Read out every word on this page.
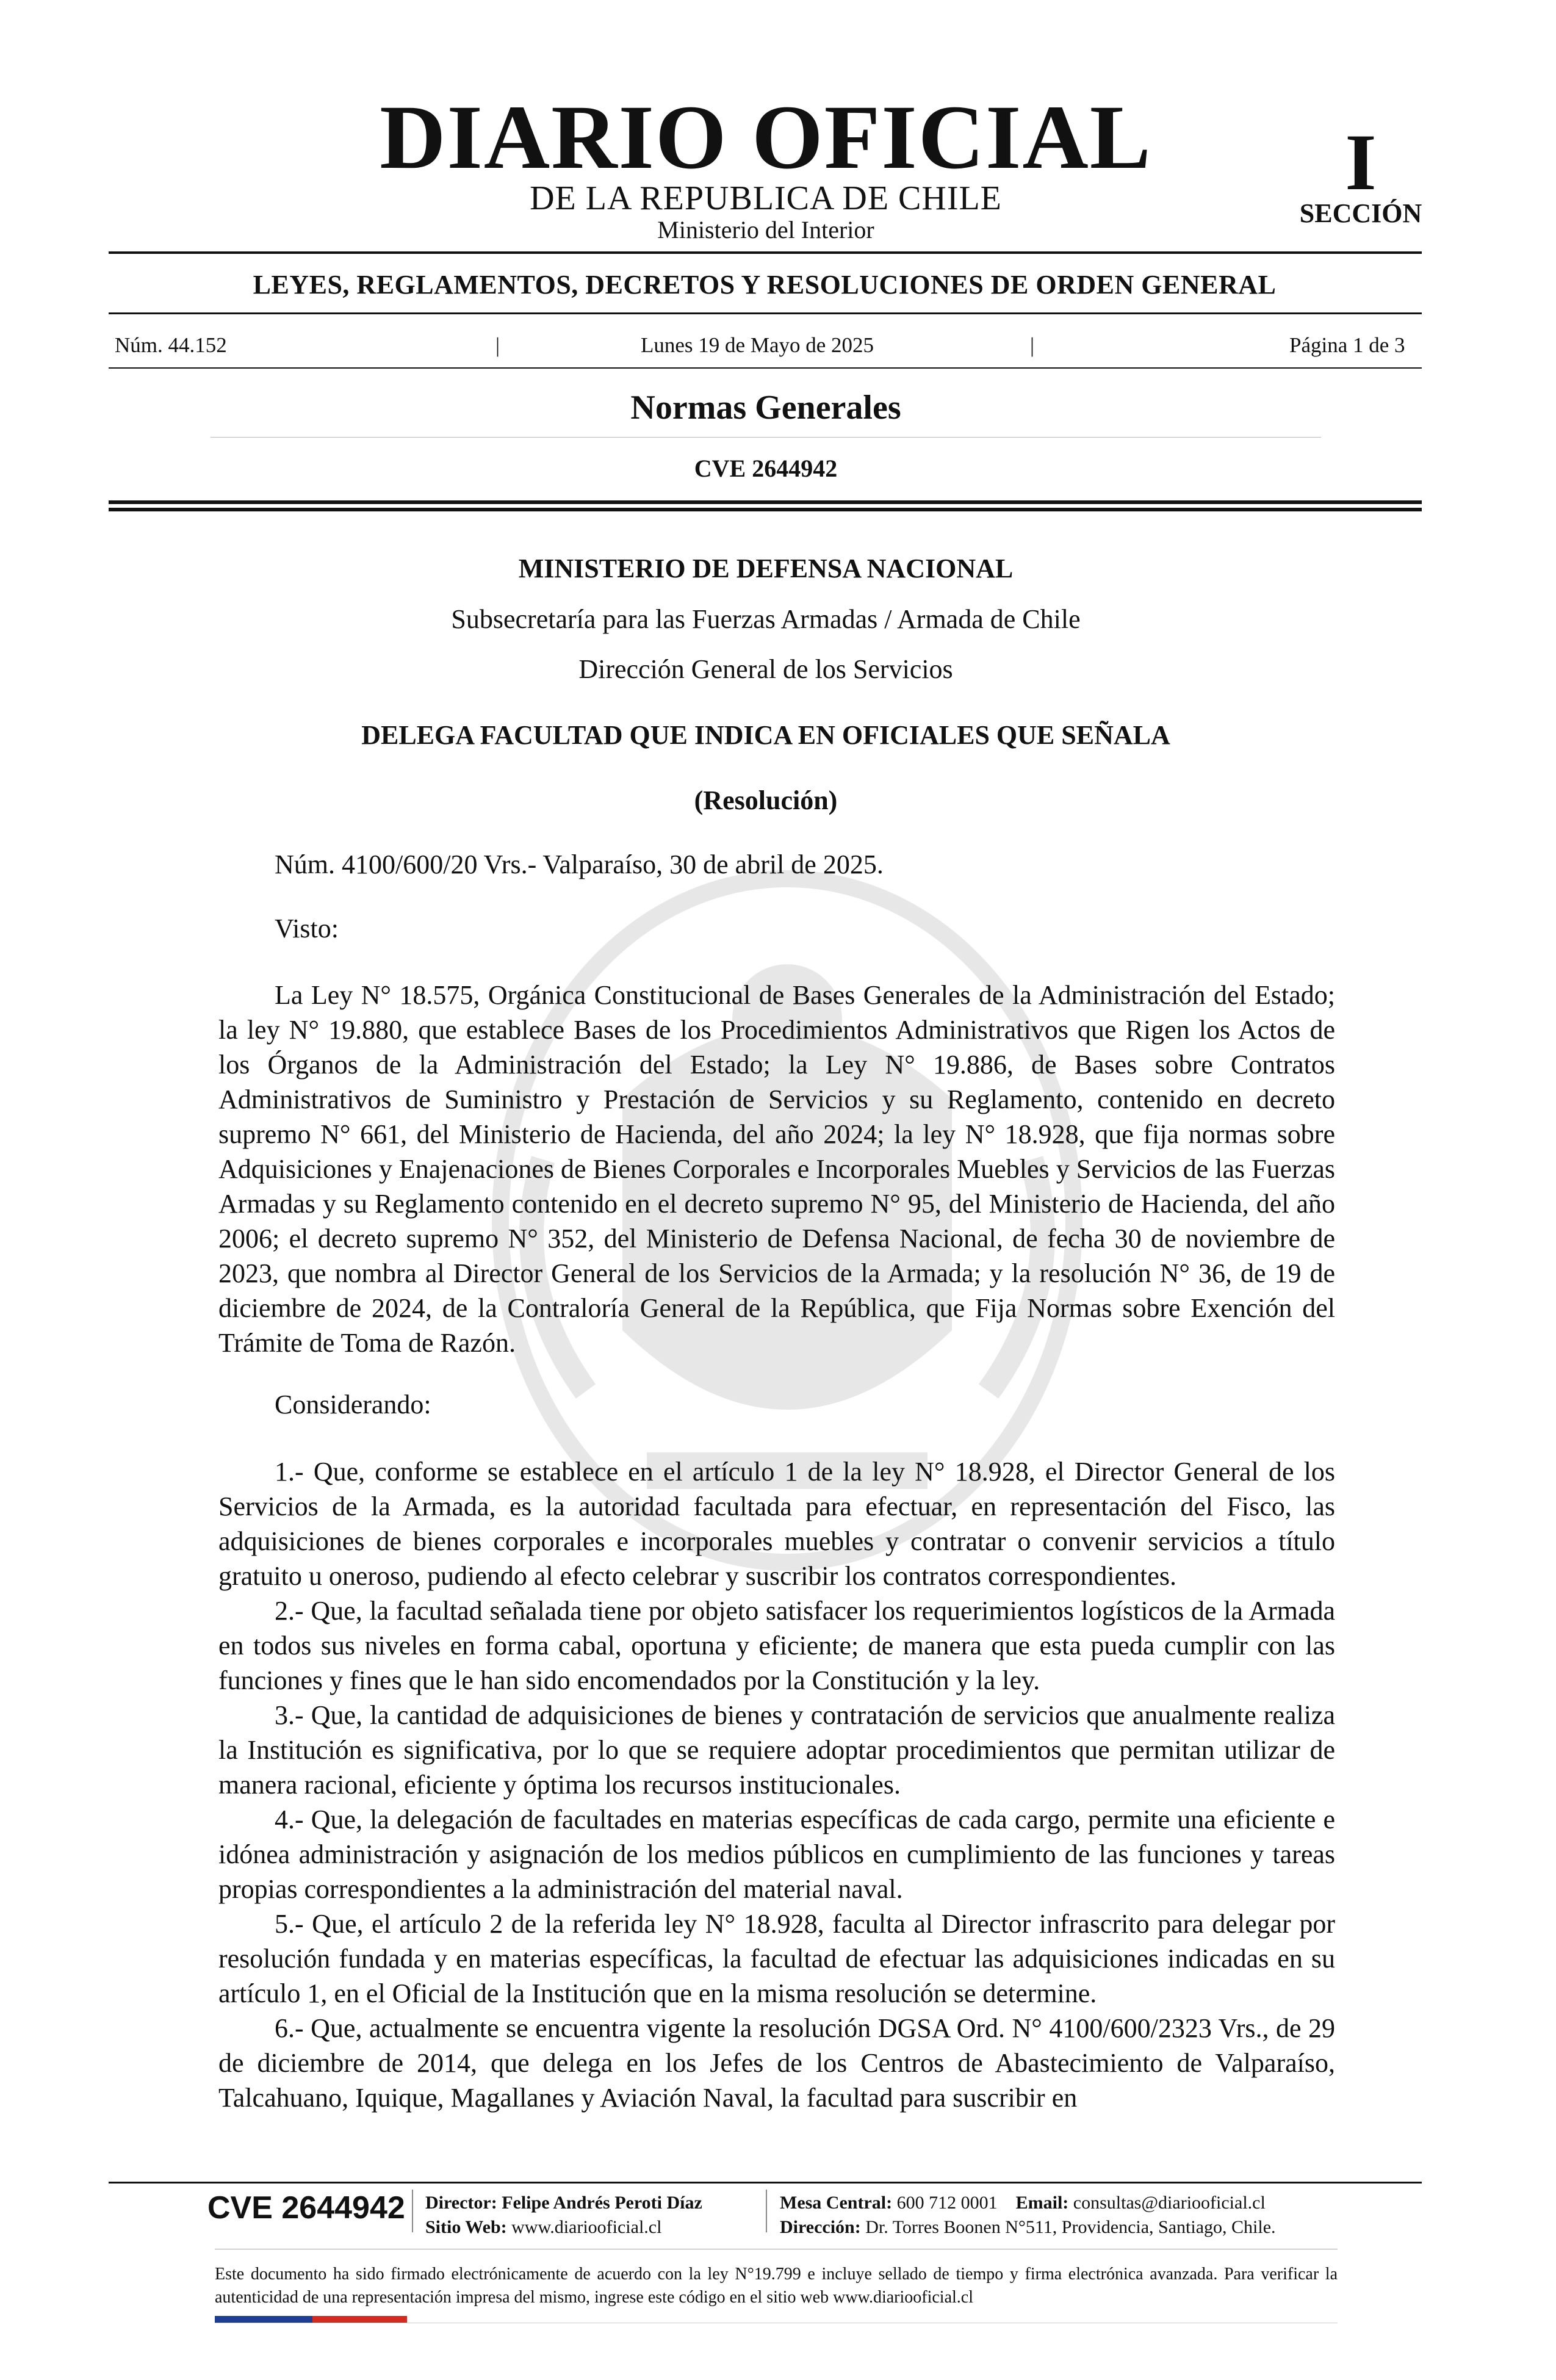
DIARIO OFICIAL
DE LA REPUBLICA DE CHILE
Ministerio del Interior
I
SECCIÓN
LEYES, REGLAMENTOS, DECRETOS Y RESOLUCIONES DE ORDEN GENERAL
Núm. 44.152	|	Lunes 19 de Mayo de 2025	|	Página 1 de 3
Normas Generales
CVE 2644942
MINISTERIO DE DEFENSA NACIONAL
Subsecretaría para las Fuerzas Armadas / Armada de Chile
Dirección General de los Servicios
DELEGA FACULTAD QUE INDICA EN OFICIALES QUE SEÑALA
(Resolución)
Núm. 4100/600/20 Vrs.- Valparaíso, 30 de abril de 2025.
Visto:

La Ley N° 18.575, Orgánica Constitucional de Bases Generales de la Administración del Estado; la ley N° 19.880, que establece Bases de los Procedimientos Administrativos que Rigen los Actos de los Órganos de la Administración del Estado; la Ley N° 19.886, de Bases sobre Contratos Administrativos de Suministro y Prestación de Servicios y su Reglamento, contenido en decreto supremo N° 661, del Ministerio de Hacienda, del año 2024; la ley N° 18.928, que fija normas sobre Adquisiciones y Enajenaciones de Bienes Corporales e Incorporales Muebles y Servicios de las Fuerzas Armadas y su Reglamento contenido en el decreto supremo N° 95, del Ministerio de Hacienda, del año 2006; el decreto supremo N° 352, del Ministerio de Defensa Nacional, de fecha 30 de noviembre de 2023, que nombra al Director General de los Servicios de la Armada; y la resolución N° 36, de 19 de diciembre de 2024, de la Contraloría General de la República, que Fija Normas sobre Exención del Trámite de Toma de Razón.

Considerando:

1.- Que, conforme se establece en el artículo 1 de la ley N° 18.928, el Director General de los Servicios de la Armada, es la autoridad facultada para efectuar, en representación del Fisco, las adquisiciones de bienes corporales e incorporales muebles y contratar o convenir servicios a título gratuito u oneroso, pudiendo al efecto celebrar y suscribir los contratos correspondientes.

2.- Que, la facultad señalada tiene por objeto satisfacer los requerimientos logísticos de la Armada en todos sus niveles en forma cabal, oportuna y eficiente; de manera que esta pueda cumplir con las funciones y fines que le han sido encomendados por la Constitución y la ley.

3.- Que, la cantidad de adquisiciones de bienes y contratación de servicios que anualmente realiza la Institución es significativa, por lo que se requiere adoptar procedimientos que permitan utilizar de manera racional, eficiente y óptima los recursos institucionales.

4.- Que, la delegación de facultades en materias específicas de cada cargo, permite una eficiente e idónea administración y asignación de los medios públicos en cumplimiento de las funciones y tareas propias correspondientes a la administración del material naval.

5.- Que, el artículo 2 de la referida ley N° 18.928, faculta al Director infrascrito para delegar por resolución fundada y en materias específicas, la facultad de efectuar las adquisiciones indicadas en su artículo 1, en el Oficial de la Institución que en la misma resolución se determine.

6.- Que, actualmente se encuentra vigente la resolución DGSA Ord. N° 4100/600/2323 Vrs., de 29 de diciembre de 2014, que delega en los Jefes de los Centros de Abastecimiento de Valparaíso, Talcahuano, Iquique, Magallanes y Aviación Naval, la facultad para suscribir en

CVE 2644942 Director: Felipe Andrés Peroti Díaz
Sitio Web: www.diariooficial.cl
Mesa Central: 600 712 0001 Email: consultas@diariooficial.cl
Dirección: Dr. Torres Boonen N°511, Providencia, Santiago, Chile.
Este documento ha sido firmado electrónicamente de acuerdo con la ley N°19.799 e incluye sellado de tiempo y firma electrónica avanzada. Para verificar la autenticidad de una representación impresa del mismo, ingrese este código en el sitio web www.diariooficial.cl
